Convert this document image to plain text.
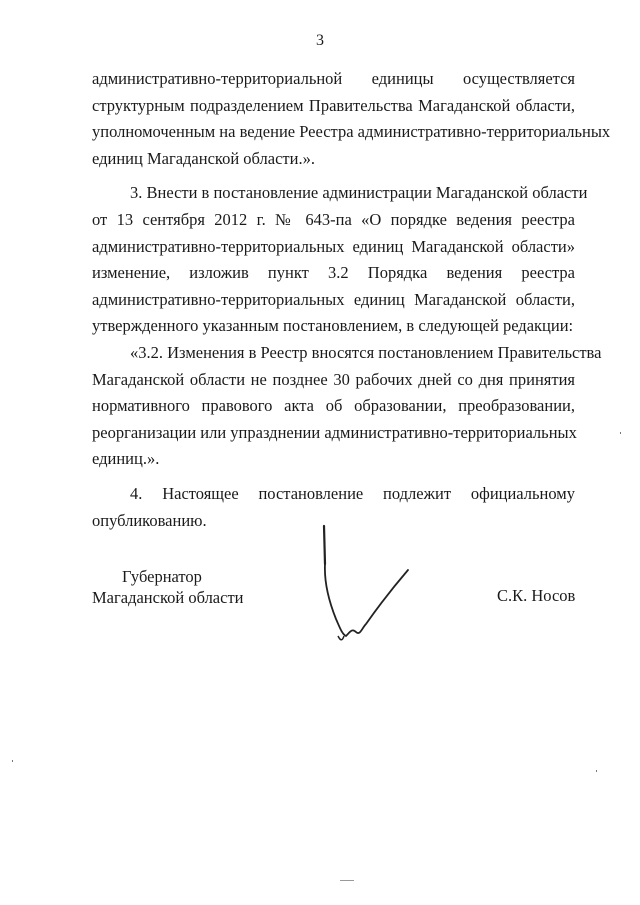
3
административно-территориальной единицы осуществляется
структурным подразделением Правительства Магаданской области,
уполномоченным на ведение Реестра административно-территориальных
единиц Магаданской области.».
3. Внести в постановление администрации Магаданской области
от 13 сентября 2012 г. № 643-па «О порядке ведения реестра
административно-территориальных единиц Магаданской области»
изменение, изложив пункт 3.2 Порядка ведения реестра
административно-территориальных единиц Магаданской области,
утвержденного указанным постановлением, в следующей редакции:
«3.2. Изменения в Реестр вносятся постановлением Правительства
Магаданской области не позднее 30 рабочих дней со дня принятия
нормативного правового акта об образовании, преобразовании,
реорганизации или упразднении административно-территориальных
единиц.».
4. Настоящее постановление подлежит официальному
опубликованию.
Губернатор
Магаданской области	С.К. Носов
